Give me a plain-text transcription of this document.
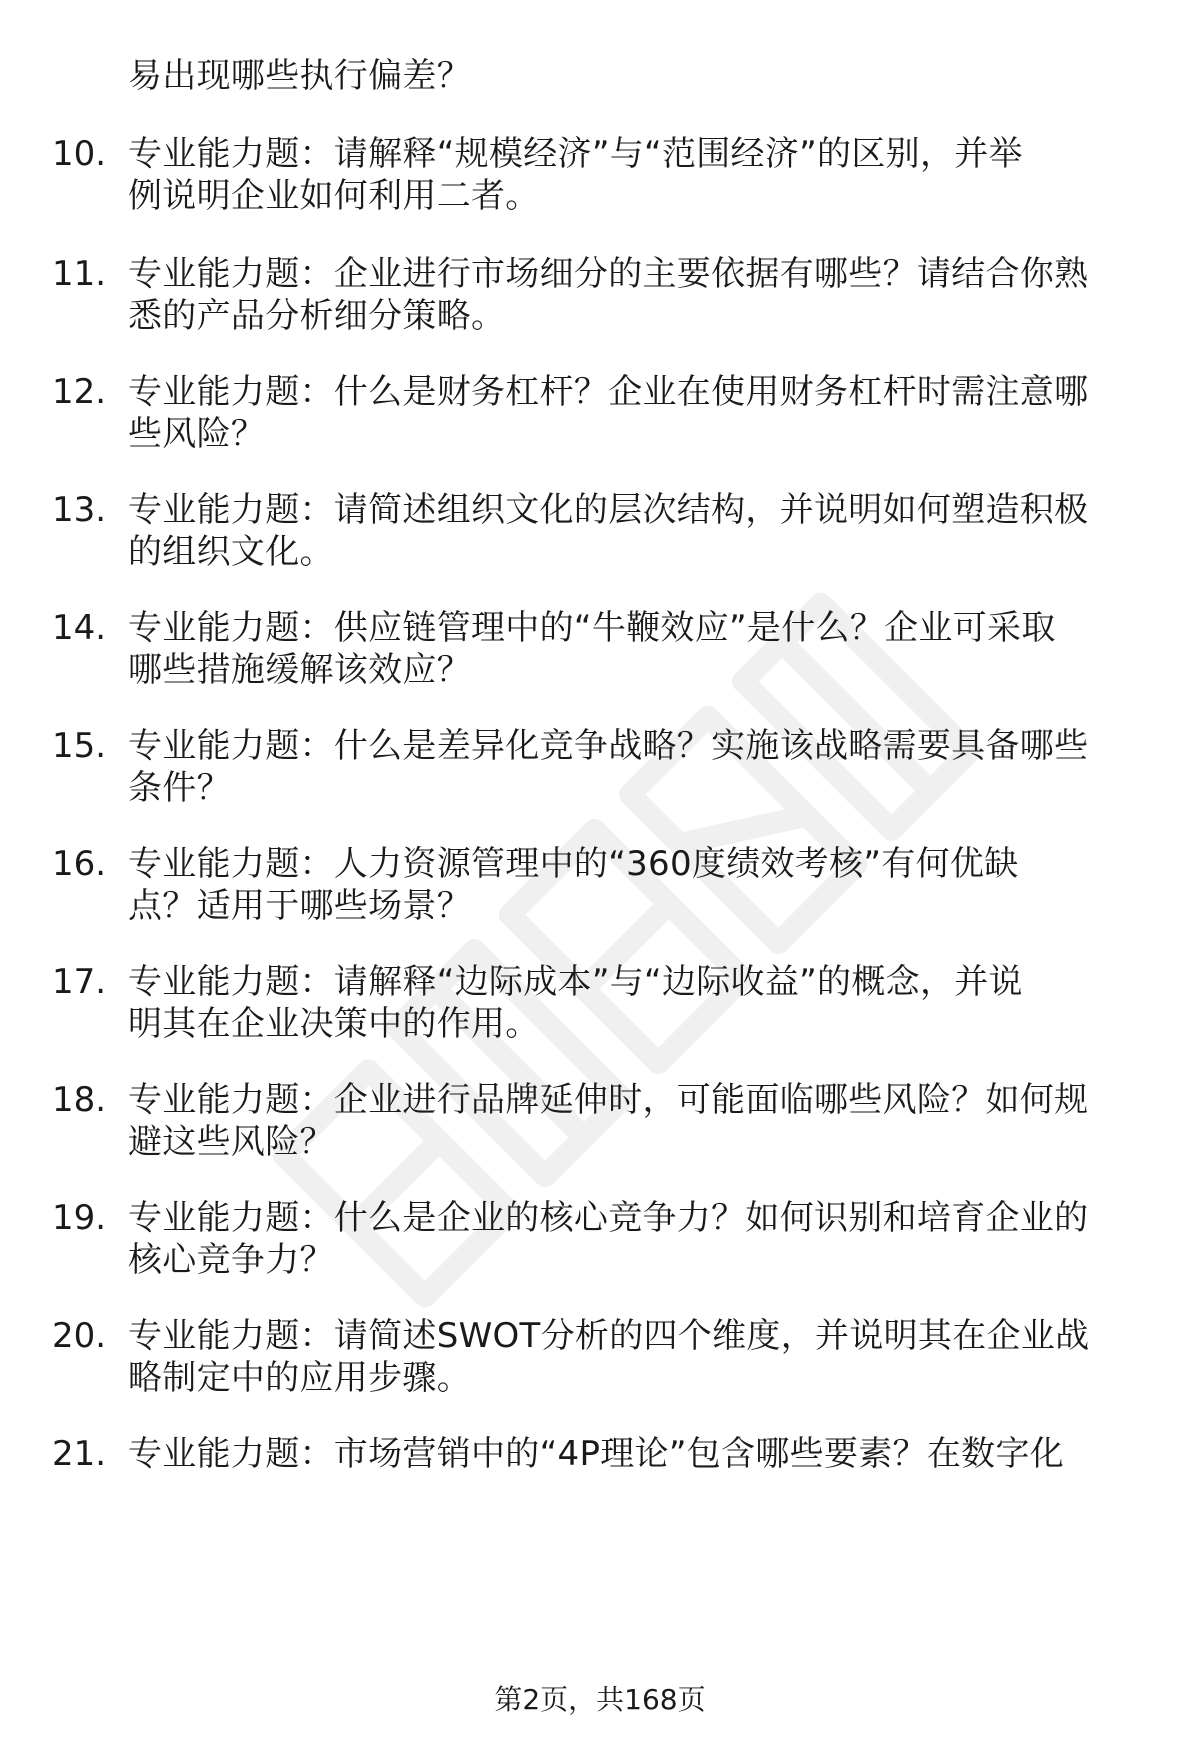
易出现哪些执行偏差？
10. 专业能力题：请解释“规模经济”与“范围经济”的区别，并举
例说明企业如何利用二者。
11. 专业能力题：企业进行市场细分的主要依据有哪些？请结合你熟
悉的产品分析细分策略。
12. 专业能力题：什么是财务杠杆？企业在使用财务杠杆时需注意哪
些风险？
13. 专业能力题：请简述组织文化的层次结构，并说明如何塑造积极
的组织文化。
14. 专业能力题：供应链管理中的“牛鞭效应”是什么？企业可采取
哪些措施缓解该效应？
15. 专业能力题：什么是差异化竞争战略？实施该战略需要具备哪些
条件？
16. 专业能力题：人力资源管理中的“360度绩效考核”有何优缺
点？适用于哪些场景？
17. 专业能力题：请解释“边际成本”与“边际收益”的概念，并说
明其在企业决策中的作用。
18. 专业能力题：企业进行品牌延伸时，可能面临哪些风险？如何规
避这些风险？
19. 专业能力题：什么是企业的核心竞争力？如何识别和培育企业的
核心竞争力？
20. 专业能力题：请简述SWOT分析的四个维度，并说明其在企业战
略制定中的应用步骤。
21. 专业能力题：市场营销中的“4P理论”包含哪些要素？在数字化
第2页，共168页
